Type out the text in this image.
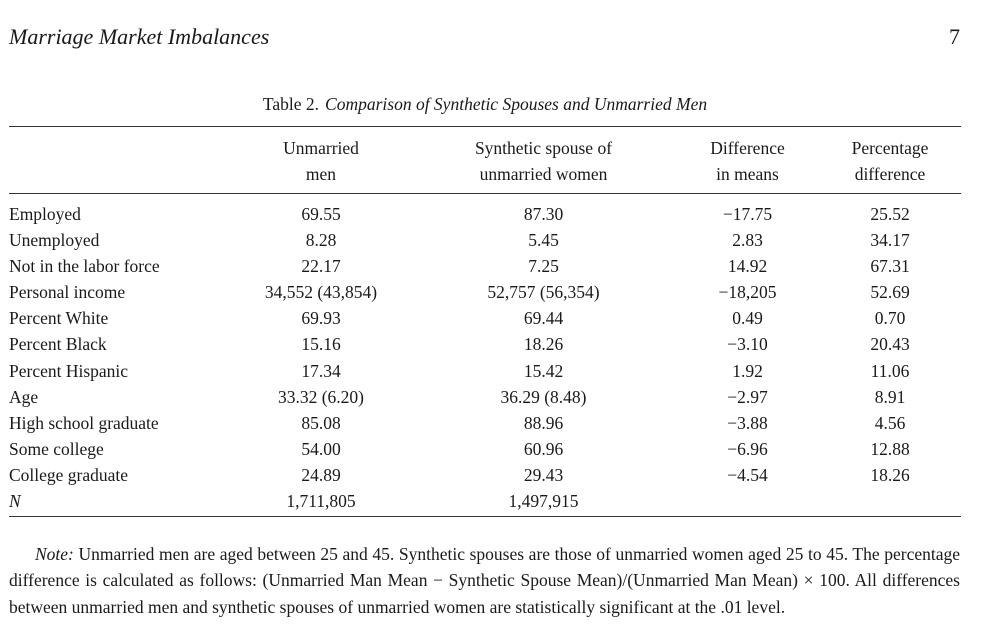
Marriage Market Imbalances	7
Table 2. Comparison of Synthetic Spouses and Unmarried Men
	Unmarried	Synthetic spouse of	Difference	Percentage
	men	unmarried women	in means	difference
Employed	69.55	87.30	−17.75	25.52
Unemployed	8.28	5.45	2.83	34.17
Not in the labor force	22.17	7.25	14.92	67.31
Personal income	34,552 (43,854)	52,757 (56,354)	−18,205	52.69
Percent White	69.93	69.44	0.49	0.70
Percent Black	15.16	18.26	−3.10	20.43
Percent Hispanic	17.34	15.42	1.92	11.06
Age	33.32 (6.20)	36.29 (8.48)	−2.97	8.91
High school graduate	85.08	88.96	−3.88	4.56
Some college	54.00	60.96	−6.96	12.88
College graduate	24.89	29.43	−4.54	18.26
N	1,711,805	1,497,915		

Note: Unmarried men are aged between 25 and 45. Synthetic spouses are those of unmarried women aged 25 to 45. The percentage difference is calculated as follows: (Unmarried Man Mean − Synthetic Spouse Mean)/(Unmarried Man Mean) × 100. All differences between unmarried men and synthetic spouses of unmarried women are statistically significant at the .01 level.
